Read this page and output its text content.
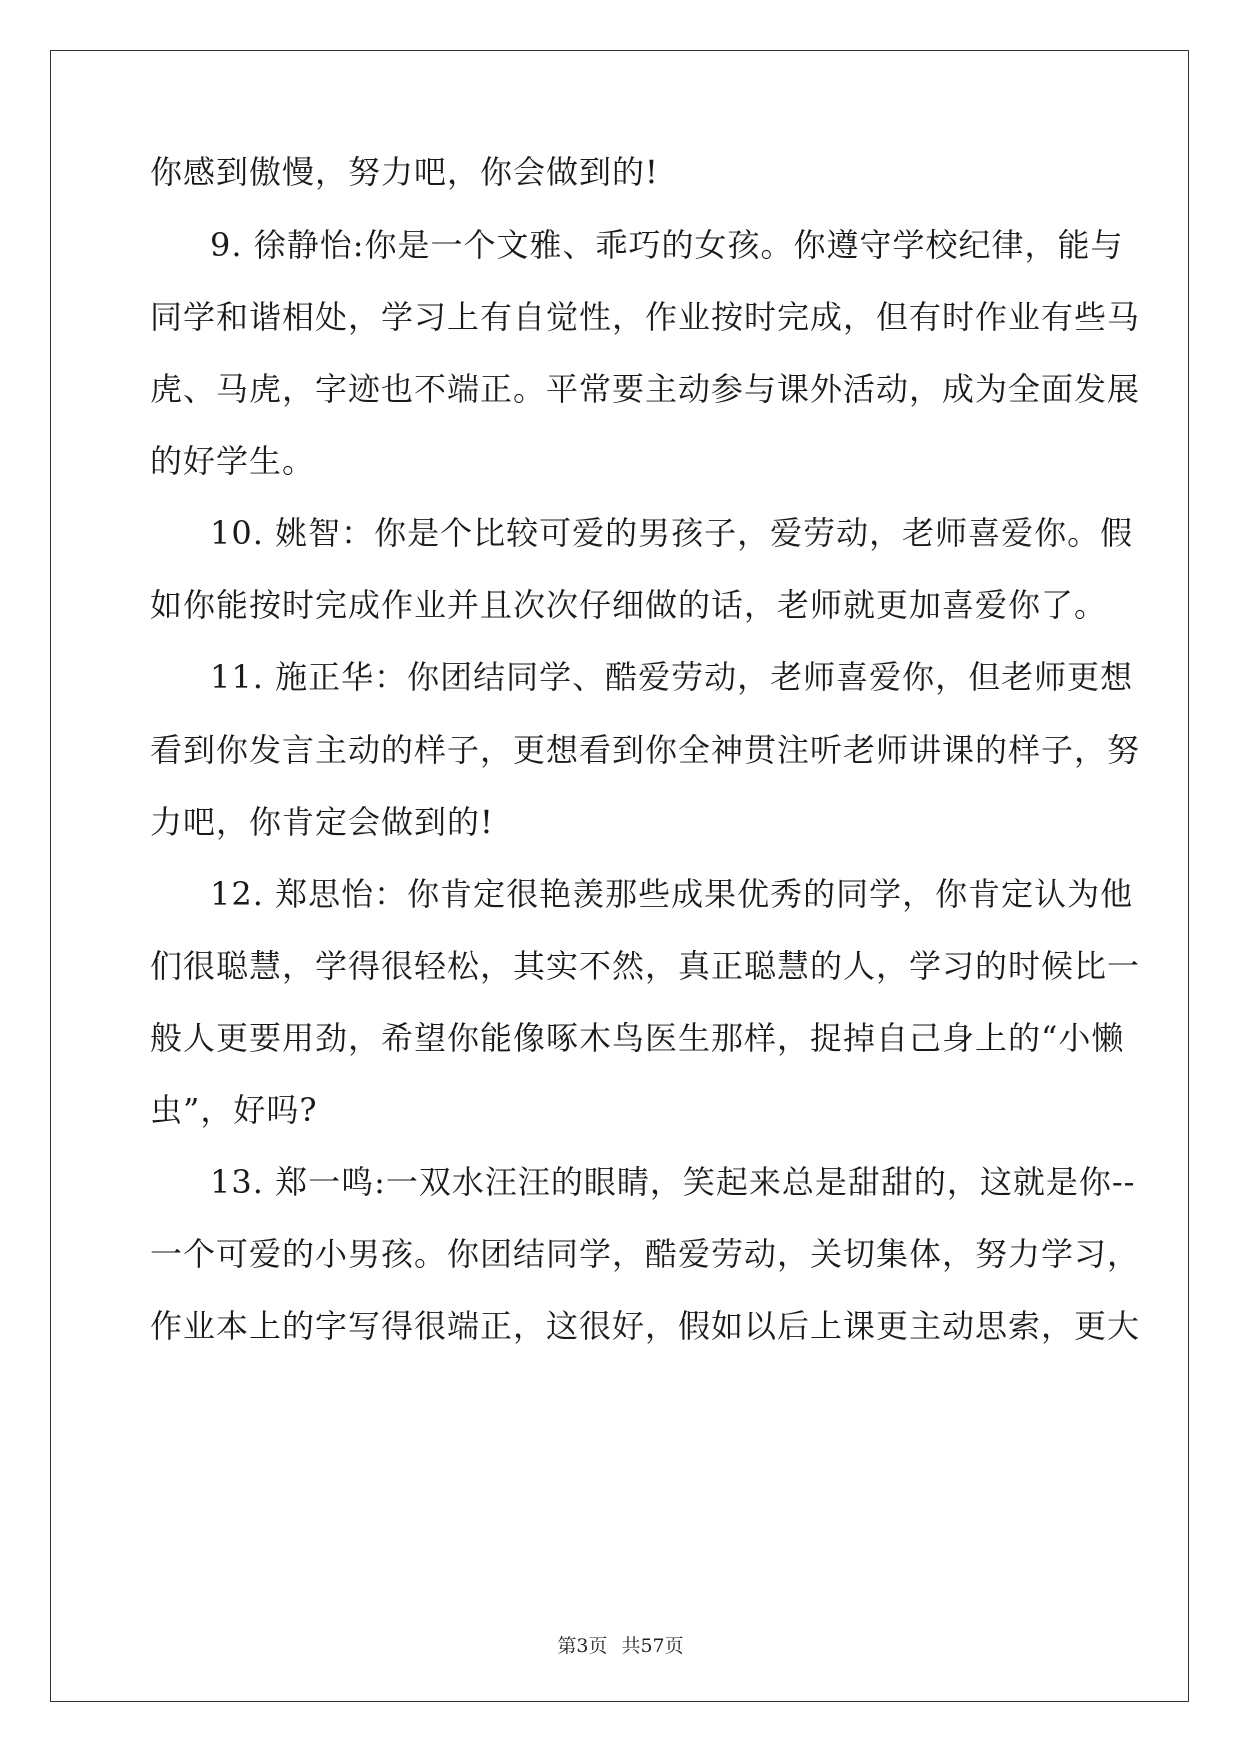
你感到傲慢，努力吧，你会做到的!
9. 徐静怡:你是一个文雅、乖巧的女孩。你遵守学校纪律，能与
同学和谐相处，学习上有自觉性，作业按时完成，但有时作业有些马
虎、马虎，字迹也不端正。平常要主动参与课外活动，成为全面发展
的好学生。
10. 姚智：你是个比较可爱的男孩子，爱劳动，老师喜爱你。假
如你能按时完成作业并且次次仔细做的话，老师就更加喜爱你了。
11. 施正华：你团结同学、酷爱劳动，老师喜爱你，但老师更想
看到你发言主动的样子，更想看到你全神贯注听老师讲课的样子，努
力吧，你肯定会做到的!
12. 郑思怡：你肯定很艳羡那些成果优秀的同学，你肯定认为他
们很聪慧，学得很轻松，其实不然，真正聪慧的人，学习的时候比一
般人更要用劲，希望你能像啄木鸟医生那样，捉掉自己身上的“小懒
虫”，好吗?
13. 郑一鸣:一双水汪汪的眼睛，笑起来总是甜甜的，这就是你--
一个可爱的小男孩。你团结同学，酷爱劳动，关切集体，努力学习，
作业本上的字写得很端正，这很好，假如以后上课更主动思索，更大
第3页 共57页
